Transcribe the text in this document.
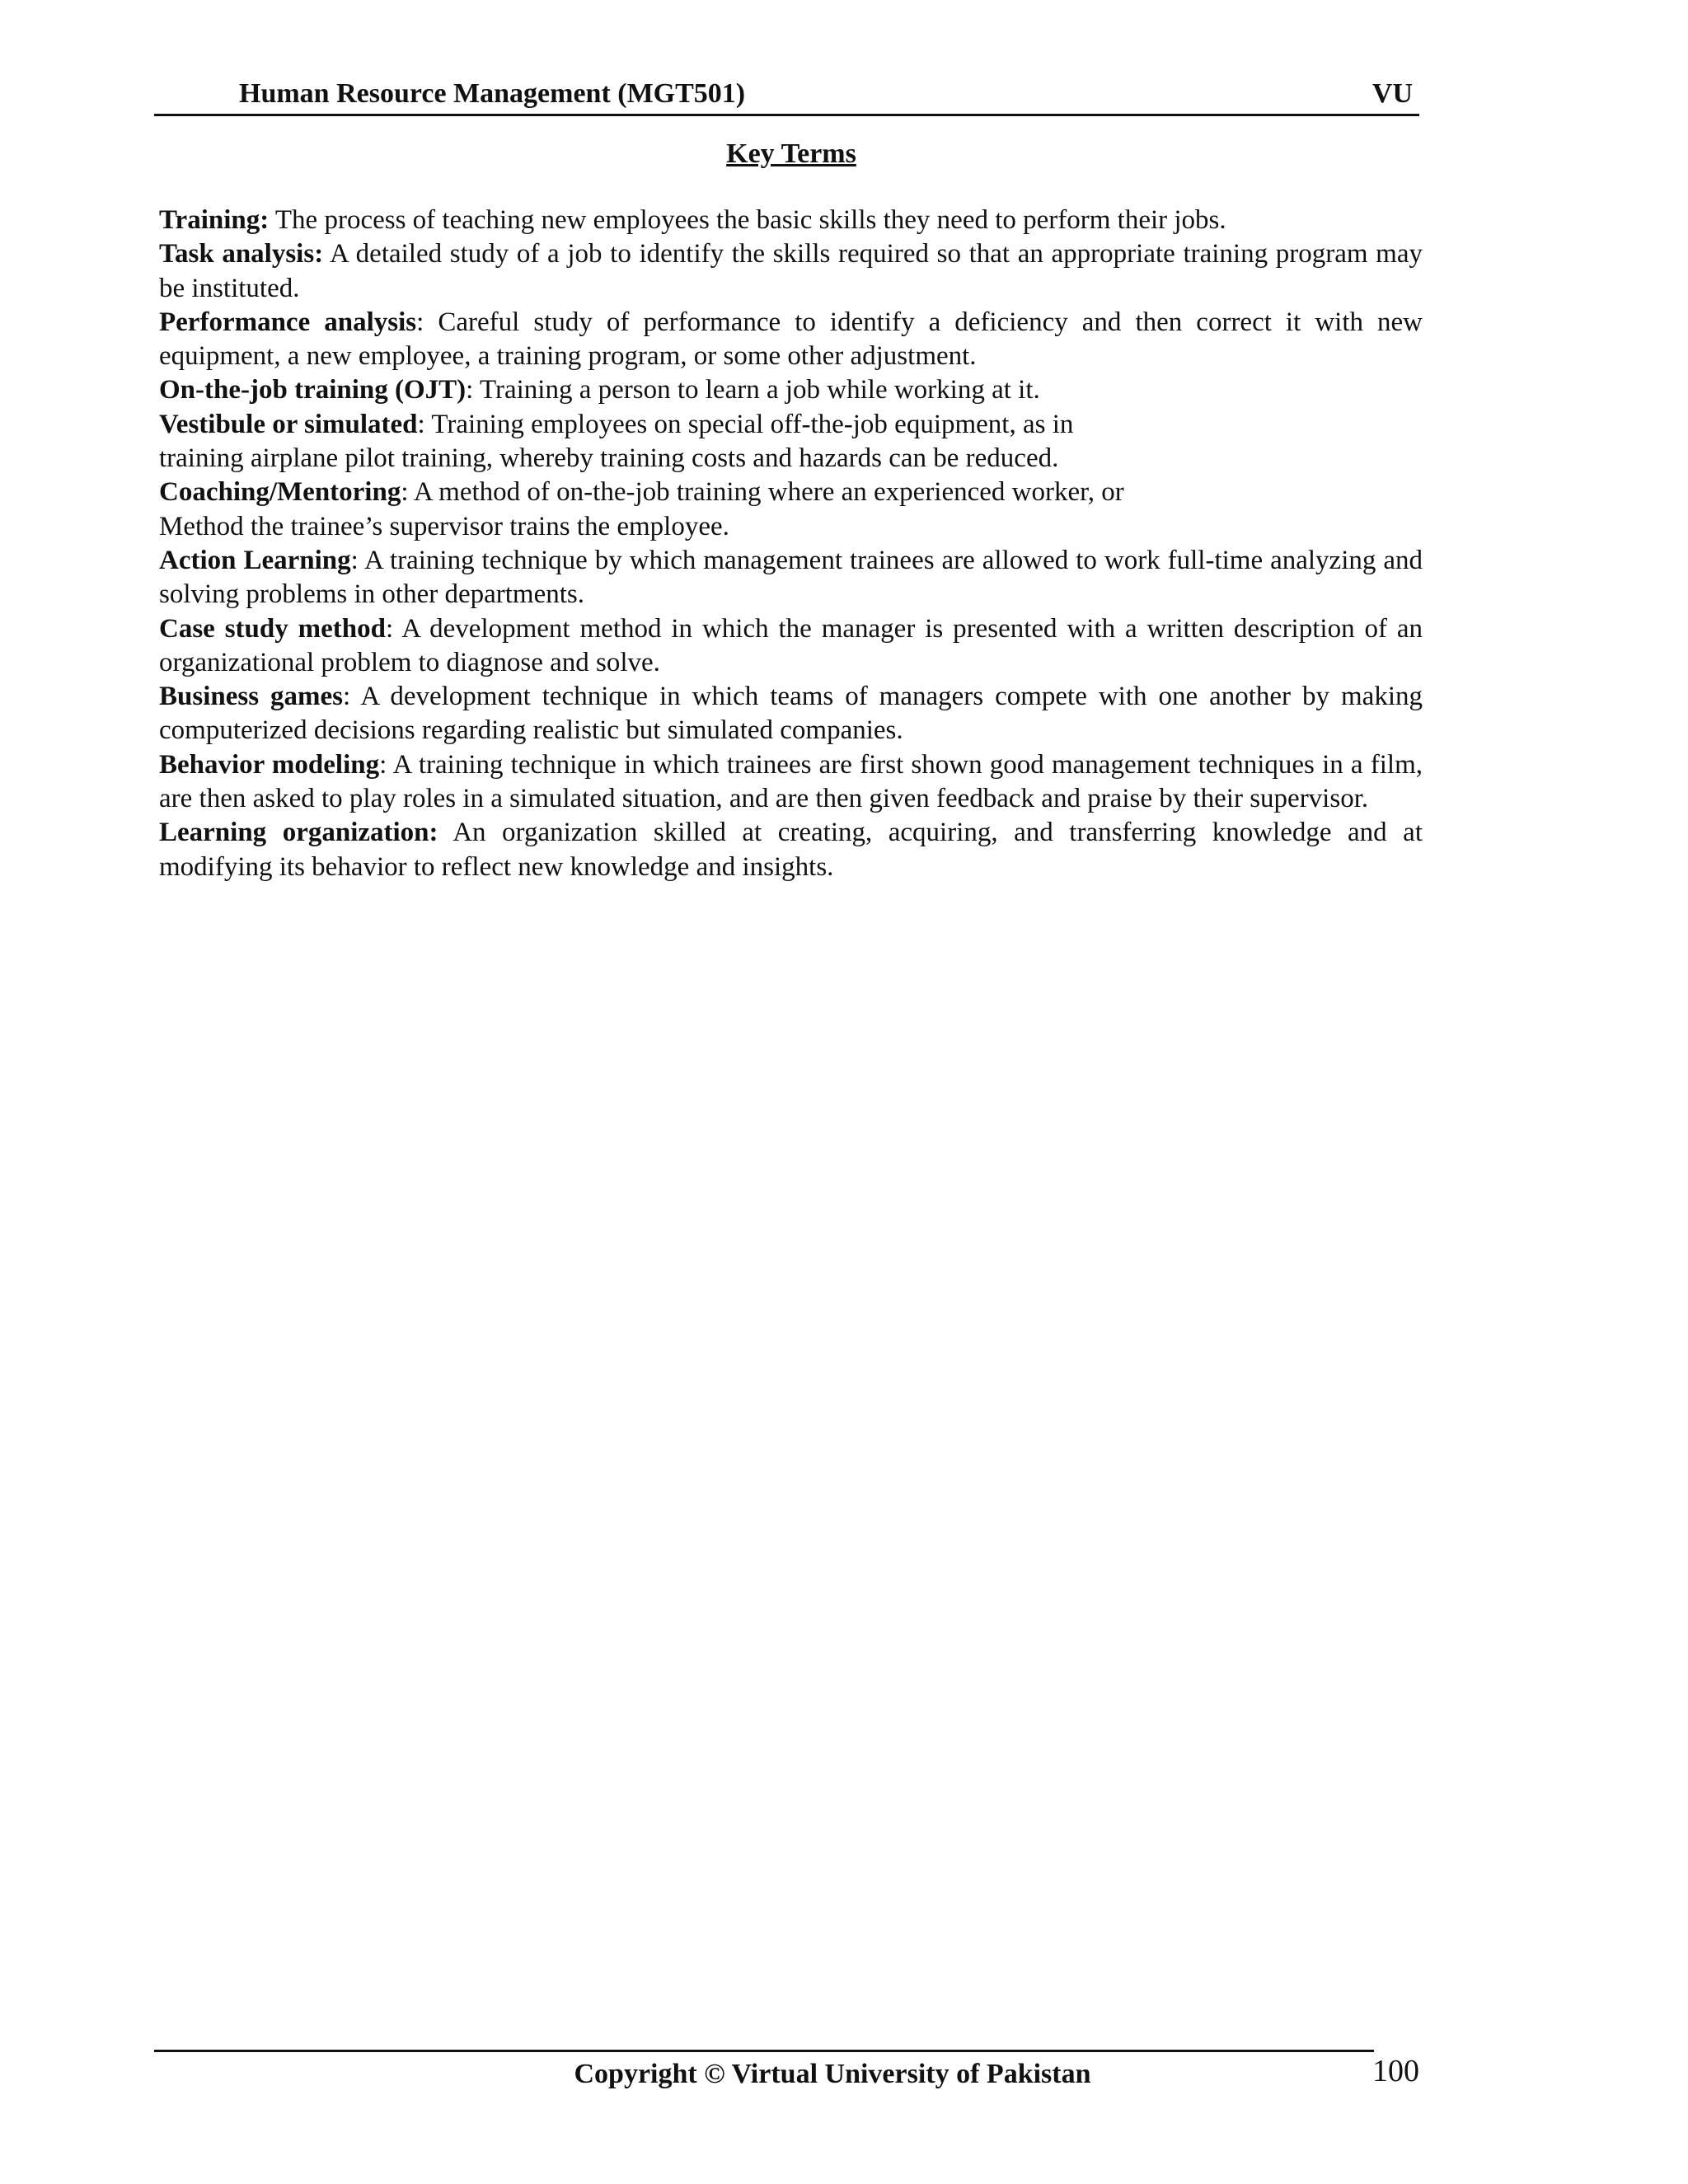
Human Resource Management (MGT501)	VU
Key Terms
Training: The process of teaching new employees the basic skills they need to perform their jobs.
Task analysis: A detailed study of a job to identify the skills required so that an appropriate training program may be instituted.
Performance analysis: Careful study of performance to identify a deficiency and then correct it with new equipment, a new employee, a training program, or some other adjustment.
On-the-job training (OJT): Training a person to learn a job while working at it.
Vestibule or simulated: Training employees on special off-the-job equipment, as in
training airplane pilot training, whereby training costs and hazards can be reduced.
Coaching/Mentoring: A method of on-the-job training where an experienced worker, or
Method the trainee’s supervisor trains the employee.
Action Learning: A training technique by which management trainees are allowed to work full-time analyzing and solving problems in other departments.
Case study method: A development method in which the manager is presented with a written description of an organizational problem to diagnose and solve.
Business games: A development technique in which teams of managers compete with one another by making computerized decisions regarding realistic but simulated companies.
Behavior modeling: A training technique in which trainees are first shown good management techniques in a film, are then asked to play roles in a simulated situation, and are then given feedback and praise by their supervisor.
Learning organization: An organization skilled at creating, acquiring, and transferring knowledge and at modifying its behavior to reflect new knowledge and insights.
Copyright © Virtual University of Pakistan	100
